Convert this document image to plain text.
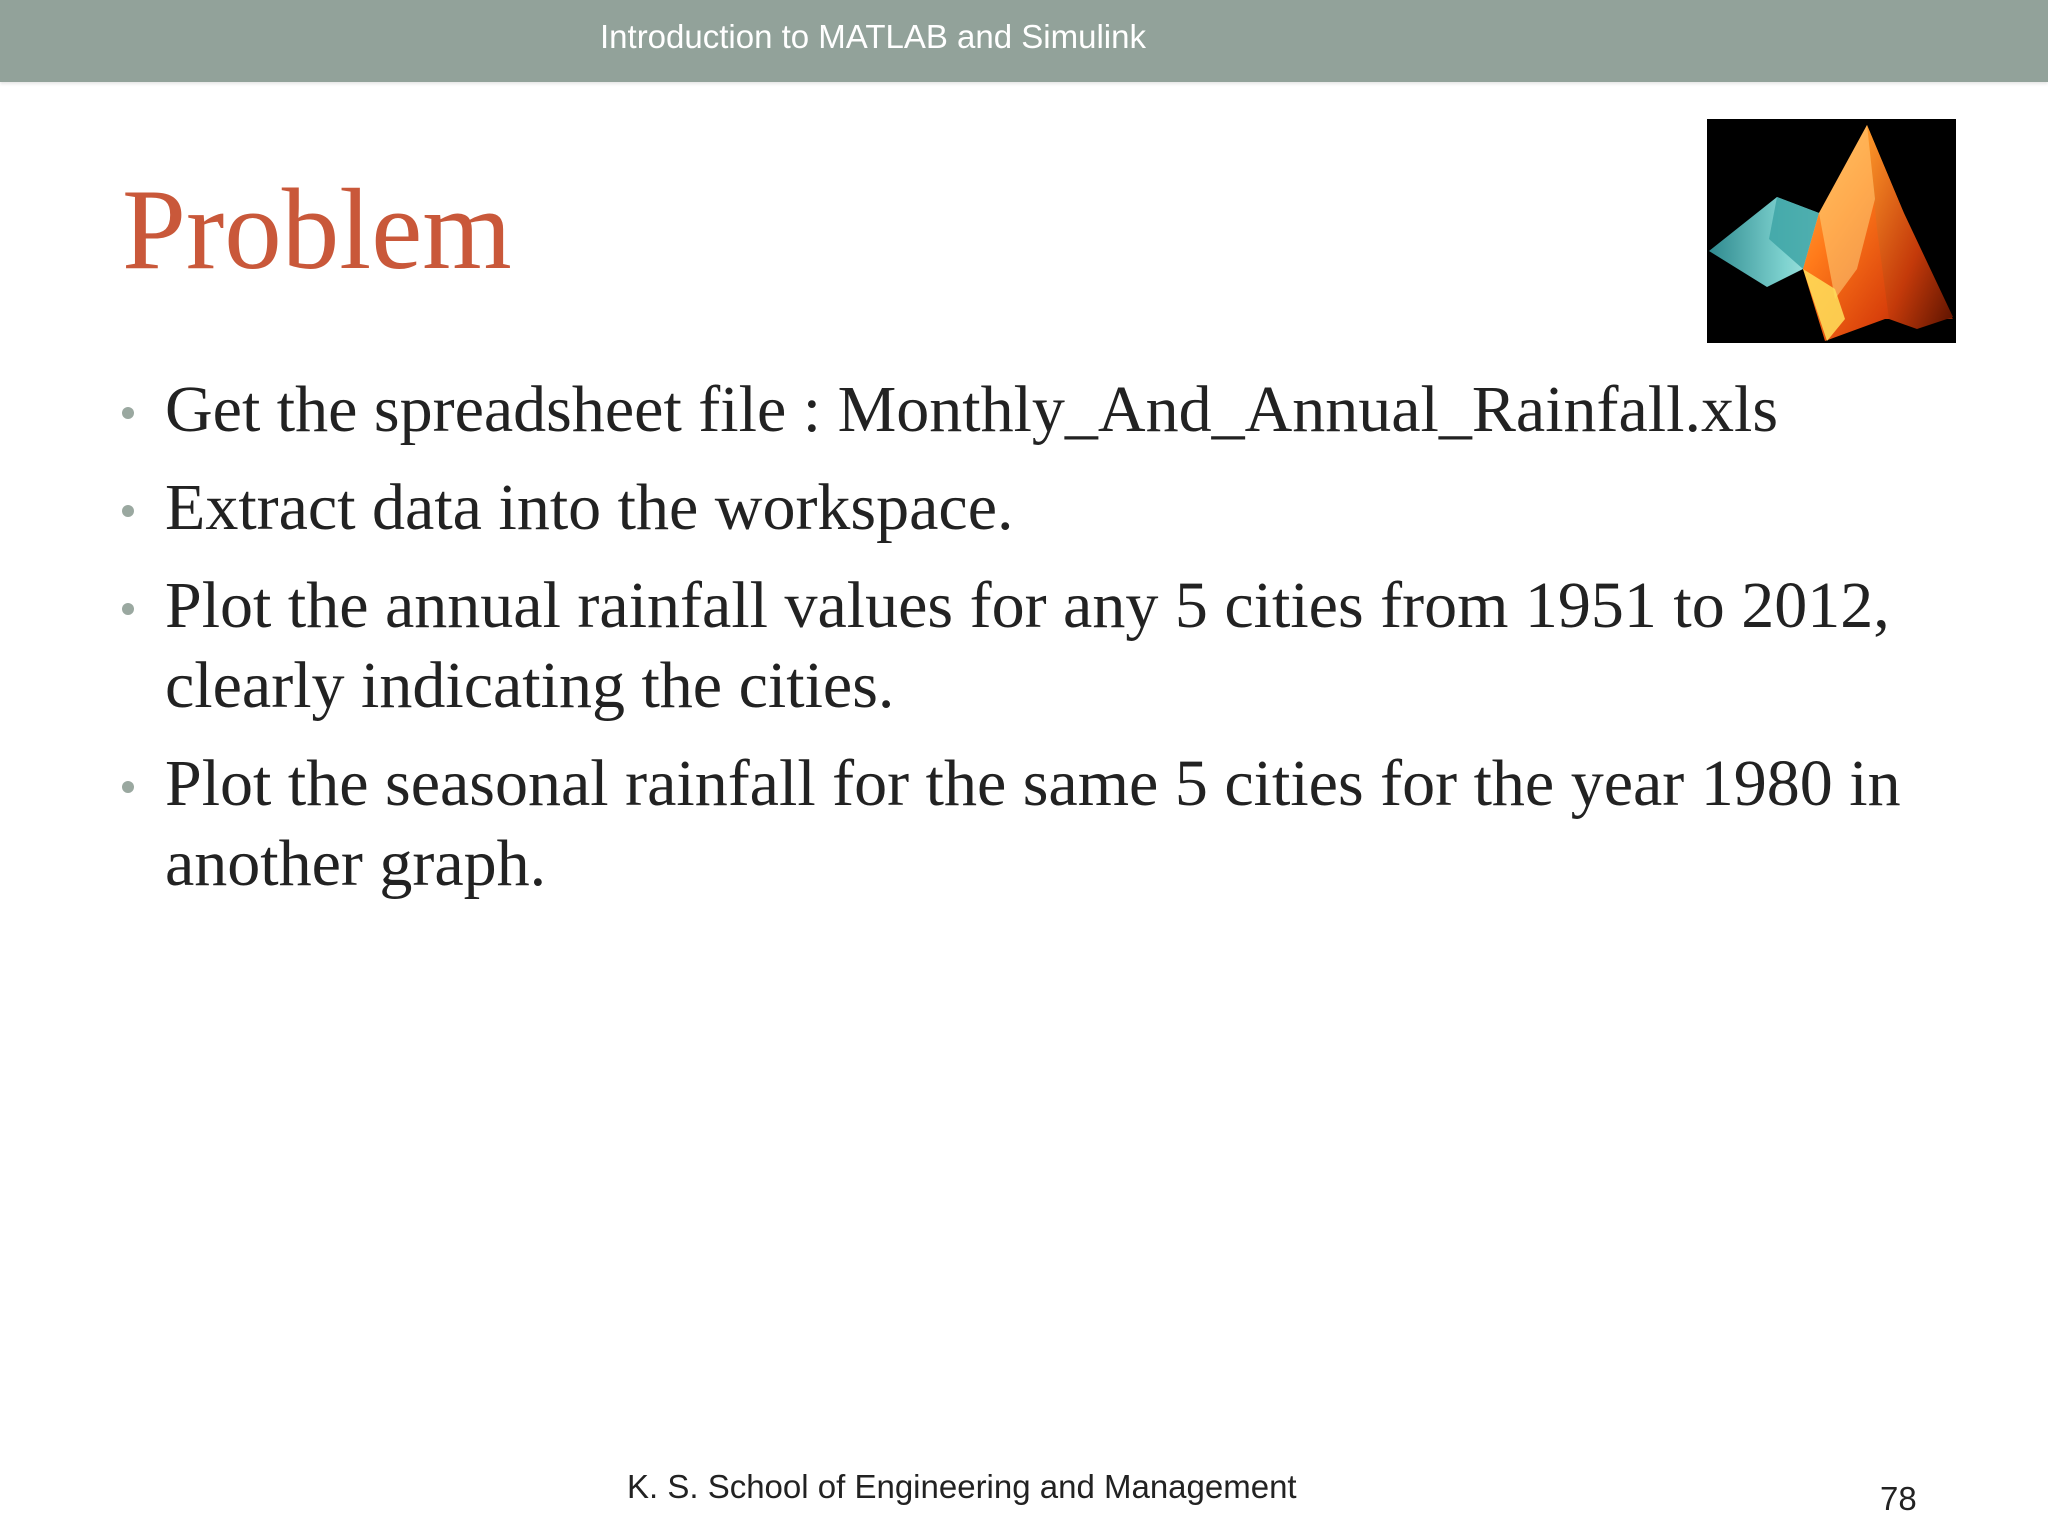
Introduction to MATLAB and Simulink
Problem
Get the spreadsheet file : Monthly_And_Annual_Rainfall.xls
Extract data into the workspace.
Plot the annual rainfall values for any 5 cities from 1951 to 2012, clearly indicating the cities.
Plot the seasonal rainfall for the same 5 cities for the year 1980 in another graph.
K. S. School of Engineering and Management	78
